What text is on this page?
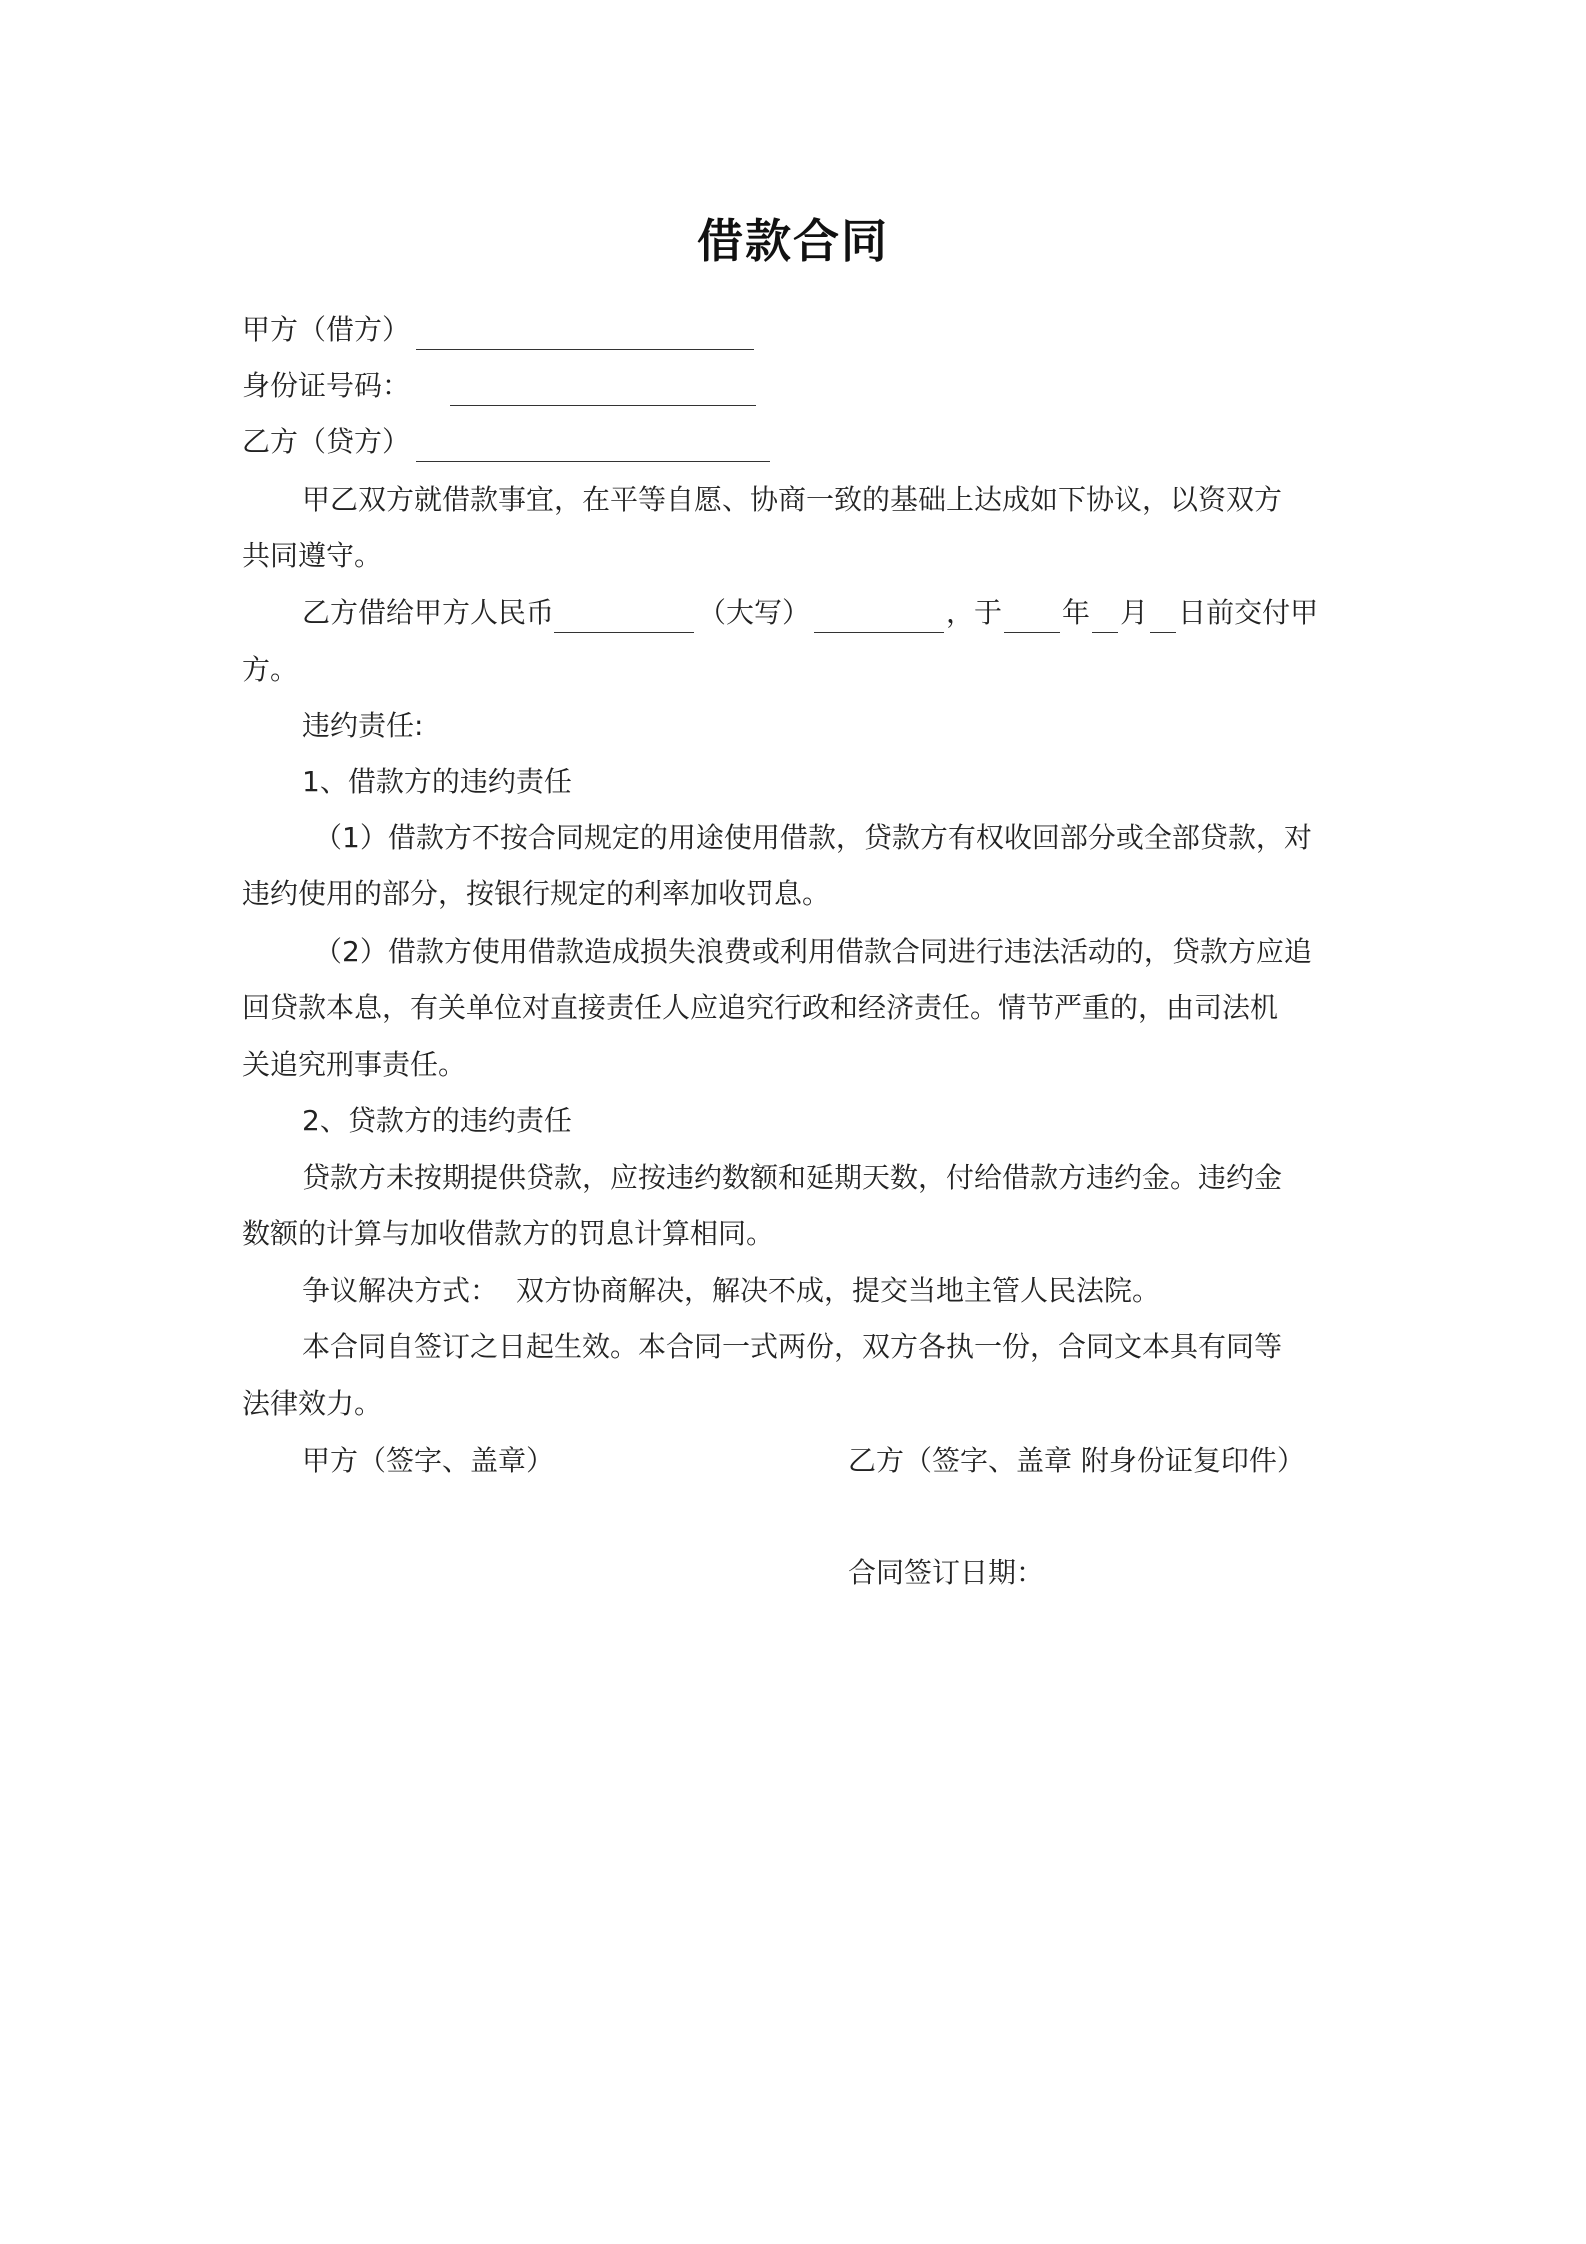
借款合同
甲方（借方）
身份证号码：
乙方（贷方）
甲乙双方就借款事宜，在平等自愿、协商一致的基础上达成如下协议，以资双方
共同遵守。
乙方借给甲方人民币	（大写）	，于 年 月 日前交付甲
方。
违约责任:
1、借款方的违约责任
（1）借款方不按合同规定的用途使用借款，贷款方有权收回部分或全部贷款，对
违约使用的部分，按银行规定的利率加收罚息。
（2）借款方使用借款造成损失浪费或利用借款合同进行违法活动的，贷款方应追
回贷款本息，有关单位对直接责任人应追究行政和经济责任。情节严重的，由司法机
关追究刑事责任。
2、贷款方的违约责任
贷款方未按期提供贷款，应按违约数额和延期天数，付给借款方违约金。违约金
数额的计算与加收借款方的罚息计算相同。
争议解决方式： 双方协商解决，解决不成，提交当地主管人民法院。
本合同自签订之日起生效。本合同一式两份，双方各执一份，合同文本具有同等
法律效力。
甲方（签字、盖章）	乙方（签字、盖章 附身份证复印件）
合同签订日期：
